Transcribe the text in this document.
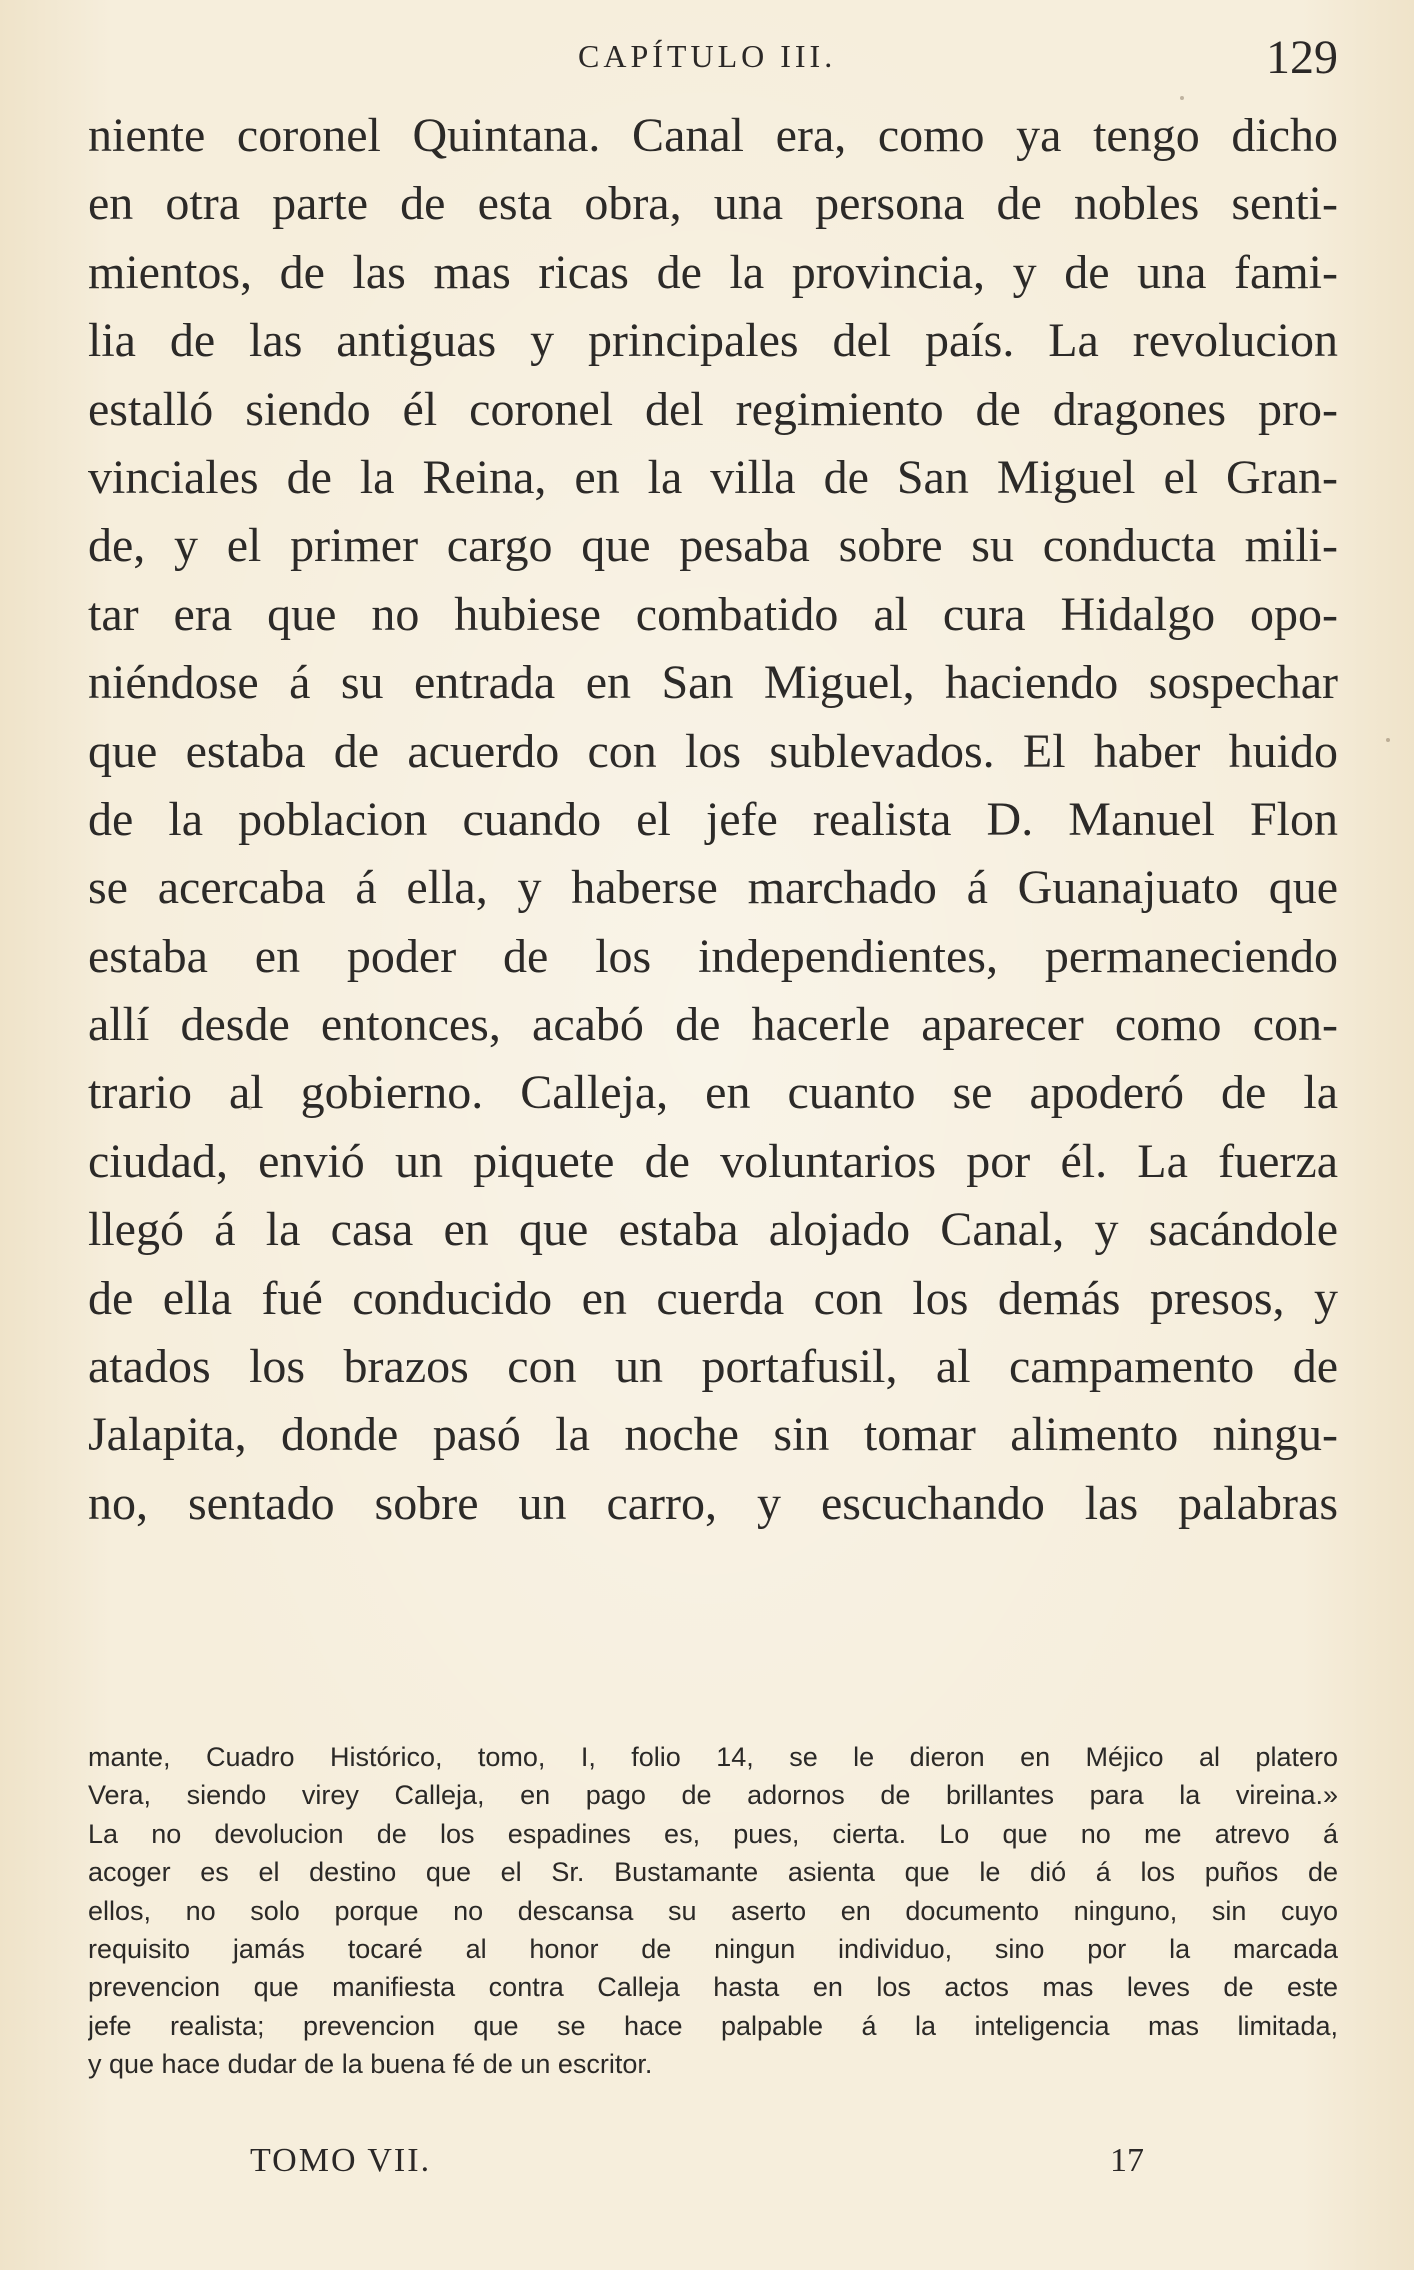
CAPÍTULO III.	129
niente coronel Quintana. Canal era, como ya tengo dicho
en otra parte de esta obra, una persona de nobles senti-
mientos, de las mas ricas de la provincia, y de una fami-
lia de las antiguas y principales del país. La revolucion
estalló siendo él coronel del regimiento de dragones pro-
vinciales de la Reina, en la villa de San Miguel el Gran-
de, y el primer cargo que pesaba sobre su conducta mili-
tar era que no hubiese combatido al cura Hidalgo opo-
niéndose á su entrada en San Miguel, haciendo sospechar
que estaba de acuerdo con los sublevados. El haber huido
de la poblacion cuando el jefe realista D. Manuel Flon
se acercaba á ella, y haberse marchado á Guanajuato que
estaba en poder de los independientes, permaneciendo
allí desde entonces, acabó de hacerle aparecer como con-
trario al gobierno. Calleja, en cuanto se apoderó de la
ciudad, envió un piquete de voluntarios por él. La fuerza
llegó á la casa en que estaba alojado Canal, y sacándole
de ella fué conducido en cuerda con los demás presos, y
atados los brazos con un portafusil, al campamento de
Jalapita, donde pasó la noche sin tomar alimento ningu-
no, sentado sobre un carro, y escuchando las palabras
mante, Cuadro Histórico, tomo, I, folio 14, se le dieron en Méjico al platero
Vera, siendo virey Calleja, en pago de adornos de brillantes para la vireina.»
La no devolucion de los espadines es, pues, cierta. Lo que no me atrevo á
acoger es el destino que el Sr. Bustamante asienta que le dió á los puños de
ellos, no solo porque no descansa su aserto en documento ninguno, sin cuyo
requisito jamás tocaré al honor de ningun individuo, sino por la marcada
prevencion que manifiesta contra Calleja hasta en los actos mas leves de este
jefe realista; prevencion que se hace palpable á la inteligencia mas limitada,
y que hace dudar de la buena fé de un escritor.
TOMO VII.	17
